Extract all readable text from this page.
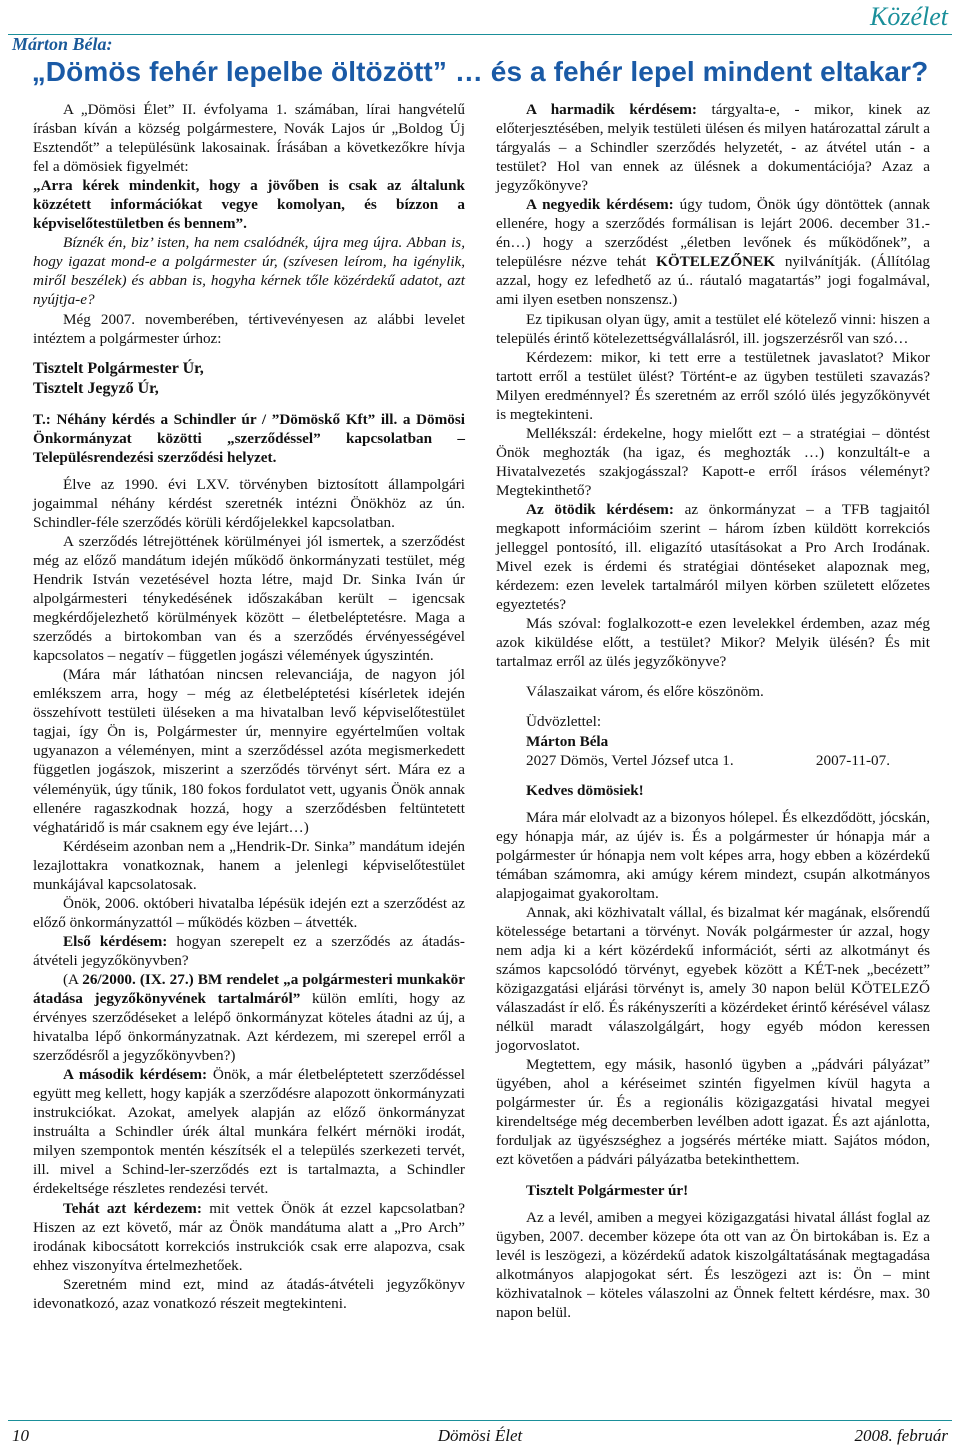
Közélet
Márton Béla:
„Dömös fehér lepelbe öltözött” … és a fehér lepel mindent eltakar?

A „Dömösi Élet” II. évfolyama 1. számában, lírai hangvételű írásban kíván a község polgármestere, Novák Lajos úr „Boldog Új Esztendőt” a településünk lakosainak. Írásában a következőkre hívja fel a dömösiek figyelmét:

„Arra kérek mindenkit, hogy a jövőben is csak az általunk közzétett információkat vegye komolyan, és bízzon a képviselőtestületben és bennem”.

Bíznék én, biz’ isten, ha nem csalódnék, újra meg újra. Abban is, hogy igazat mond-e a polgármester úr, (szívesen leírom, ha igénylik, miről beszélek) és abban is, hogyha kérnek tőle közérdekű adatot, azt nyújtja-e?

Még 2007. novemberében, tértivevényesen az alábbi levelet intéztem a polgármester úrhoz:

Tisztelt Polgármester Úr,

Tisztelt Jegyző Úr,

T.: Néhány kérdés a Schindler úr / ”Dömöskő Kft” ill. a Dömösi Önkormányzat közötti „szerződéssel” kapcsolatban – Településrendezési szerződési helyzet.

Élve az 1990. évi LXV. törvényben biztosított állampolgári jogaimmal néhány kérdést szeretnék intézni Önökhöz az ún. Schindler-féle szerződés körüli kérdőjelekkel kapcsolatban.

A szerződés létrejöttének körülményei jól ismertek, a szerződést még az előző mandátum idején működő önkormányzati testület, még Hendrik István vezetésével hozta létre, majd Dr. Sinka Iván úr alpolgármesteri ténykedésének időszakában került – igencsak megkérdőjelezhető körülmények között – életbeléptetésre. Maga a szerződés a birtokomban van és a szerződés érvényességével kapcsolatos – negatív – független jogászi vélemények úgyszintén.

(Mára már láthatóan nincsen relevanciája, de nagyon jól emlékszem arra, hogy – még az életbeléptetési kísérletek idején összehívott testületi üléseken a ma hivatalban levő képviselőtestület tagjai, így Ön is, Polgármester úr, mennyire egyértelműen voltak ugyanazon a véleményen, mint a szerződéssel azóta megismerkedett független jogászok, miszerint a szerződés törvényt sért. Mára ez a véleményük, úgy tűnik, 180 fokos fordulatot vett, ugyanis Önök annak ellenére ragaszkodnak hozzá, hogy a szerződésben feltüntetett véghatáridő is már csaknem egy éve lejárt…)

Kérdéseim azonban nem a „Hendrik-Dr. Sinka” mandátum idején lezajlottakra vonatkoznak, hanem a jelenlegi képviselőtestület munkájával kapcsolatosak.

Önök, 2006. októberi hivatalba lépésük idején ezt a szerződést az előző önkormányzattól – működés közben – átvették.

Első kérdésem: hogyan szerepelt ez a szerződés az átadás-átvételi jegyzőkönyvben?

(A 26/2000. (IX. 27.) BM rendelet „a polgármesteri munkakör átadása jegyzőkönyvének tartalmáról” külön említi, hogy az érvényes szerződéseket a lelépő önkormányzat köteles átadni az új, a hivatalba lépő önkormányzatnak. Azt kérdezem, mi szerepel erről a szerződésről a jegyzőkönyvben?)

A második kérdésem: Önök, a már életbeléptetett szerződéssel együtt meg kellett, hogy kapják a szerződésre alapozott önkormányzati instrukciókat. Azokat, amelyek alapján az előző önkormányzat instruálta a Schindler úrék által munkára felkért mérnöki irodát, milyen szempontok mentén készítsék el a település szerkezeti tervét, ill. mivel a Schind-ler-szerződés ezt is tartalmazta, a Schindler érdekeltsége részletes rendezési tervét.

Tehát azt kérdezem: mit vettek Önök át ezzel kapcsolatban? Hiszen az ezt követő, már az Önök mandátuma alatt a „Pro Arch” irodának kibocsátott korrekciós instrukciók csak erre alapozva, csak ehhez viszonyítva értelmezhetőek.

Szeretném mind ezt, mind az átadás-átvételi jegyzőkönyv idevonatkozó, azaz vonatkozó részeit megtekinteni.

A harmadik kérdésem: tárgyalta-e, - mikor, kinek az előterjesztésében, melyik testületi ülésen és milyen határozattal zárult a tárgyalás – a Schindler szerződés helyzetét, - az átvétel után - a testület? Hol van ennek az ülésnek a dokumentációja? Azaz a jegyzőkönyve?

A negyedik kérdésem: úgy tudom, Önök úgy döntöttek (annak ellenére, hogy a szerződés formálisan is lejárt 2006. december 31.-én…) hogy a szerződést „életben levőnek és működőnek”, a településre nézve tehát KÖTELEZŐNEK nyilvánítják. (Állítólag azzal, hogy ez lefedhető az ú.. ráutaló magatartás” jogi fogalmával, ami ilyen esetben nonszensz.)

Ez tipikusan olyan ügy, amit a testület elé kötelező vinni: hiszen a település érintő kötelezettségvállalásról, ill. jogszerzésről van szó…

Kérdezem: mikor, ki tett erre a testületnek javaslatot? Mikor tartott erről a testület ülést? Történt-e az ügyben testületi szavazás? Milyen eredménnyel? És szeretném az erről szóló ülés jegyzőkönyvét is megtekinteni.

Mellékszál: érdekelne, hogy mielőtt ezt – a stratégiai – döntést Önök meghozták (ha igaz, és meghozták …) konzultált-e a Hivatalvezetés szakjogásszal? Kapott-e erről írásos véleményt? Megtekinthető?

Az ötödik kérdésem: az önkormányzat – a TFB tagjaitól megkapott információim szerint – három ízben küldött korrekciós jelleggel pontosító, ill. eligazító utasításokat a Pro Arch Irodának. Mivel ezek is érdemi és stratégiai döntéseket alapoznak meg, kérdezem: ezen levelek tartalmáról milyen körben született előzetes egyeztetés?

Más szóval: foglalkozott-e ezen levelekkel érdemben, azaz még azok kiküldése előtt, a testület? Mikor? Melyik ülésén? És mit tartalmaz erről az ülés jegyzőkönyve?

Válaszaikat várom, és előre köszönöm.

Üdvözlettel:

Márton Béla

2027 Dömös, Vertel József utca 1.	2007-11-07.

Kedves dömösiek!

Mára már elolvadt az a bizonyos hólepel. És elkezdődött, jócskán, egy hónapja már, az újév is. És a polgármester úr hónapja már a polgármester úr hónapja nem volt képes arra, hogy ebben a közérdekű témában számomra, aki amúgy kérem mindezt, csupán alkotmányos alapjogaimat gyakoroltam.

Annak, aki közhivatalt vállal, és bizalmat kér magának, elsőrendű kötelessége betartani a törvényt. Novák polgármester úr azzal, hogy nem adja ki a kért közérdekű információt, sérti az alkotmányt és számos kapcsolódó törvényt, egyebek között a KÉT-nek „becézett” közigazgatási eljárási törvényt is, amely 30 napon belül KÖTELEZŐ válaszadást ír elő. És rákényszeríti a közérdeket érintő kérésével válasz nélkül maradt válaszolgálgárt, hogy egyéb módon keressen jogorvoslatot.

Megtettem, egy másik, hasonló ügyben a „pádvári pályázat” ügyében, ahol a kéréseimet szintén figyelmen kívül hagyta a polgármester úr. És a regionális közigazgatási hivatal megyei kirendeltsége még decemberben levélben adott igazat. És azt ajánlotta, forduljak az ügyészséghez a jogsérés mértéke miatt. Sajátos módon, ezt követően a pádvári pályázatba betekinthettem.

Tisztelt Polgármester úr!

Az a levél, amiben a megyei közigazgatási hivatal állást foglal az ügyben, 2007. december közepe óta ott van az Ön birtokában is. Ez a levél is leszögezi, a közérdekű adatok kiszolgáltatásának megtagadása alkotmányos alapjogokat sért. És leszögezi azt is: Ön – mint közhivatalnok – köteles válaszolni az Önnek feltett kérdésre, max. 30 napon belül.

10	Dömösi Élet	2008. február
